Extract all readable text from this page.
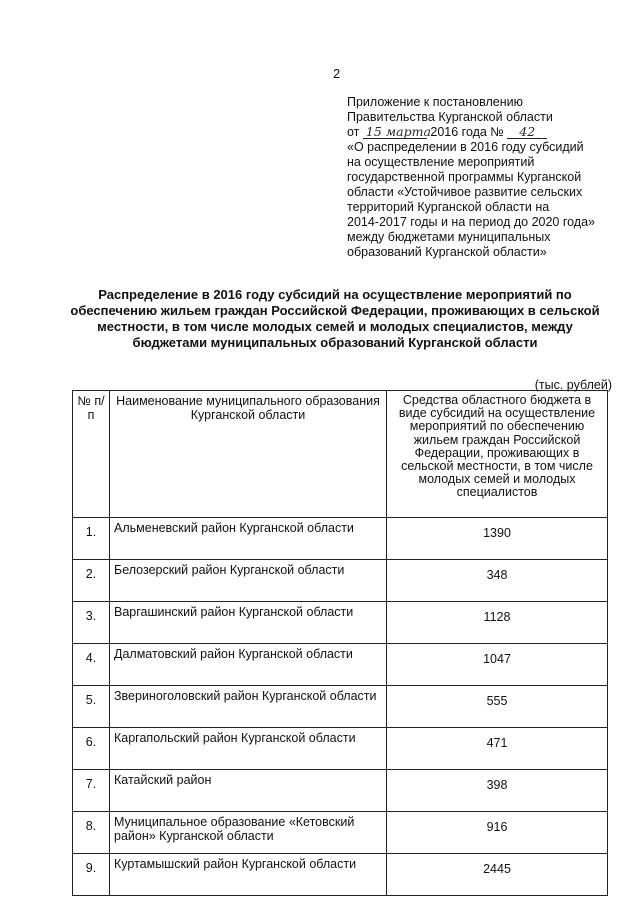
2
Приложение к постановлению
Правительства Курганской области
от 15 марта 2016 года № 42
«О распределении в 2016 году субсидий
на осуществление мероприятий
государственной программы Курганской
области «Устойчивое развитие сельских
территорий Курганской области на
2014-2017 годы и на период до 2020 года»
между бюджетами муниципальных
образований Курганской области»
Распределение в 2016 году субсидий на осуществление мероприятий по
обеспечению жильем граждан Российской Федерации, проживающих в сельской
местности, в том числе молодых семей и молодых специалистов, между
бюджетами муниципальных образований Курганской области
(тыс. рублей)
№ п/п	Наименование муниципального образования Курганской области	Средства областного бюджета в виде субсидий на осуществление мероприятий по обеспечению жильем граждан Российской Федерации, проживающих в сельской местности, в том числе молодых семей и молодых специалистов
1.	Альменевский район Курганской области	1390
2.	Белозерский район Курганской области	348
3.	Варгашинский район Курганской области	1128
4.	Далматовский район Курганской области	1047
5.	Звериноголовский район Курганской области	555
6.	Каргапольский район Курганской области	471
7.	Катайский район	398
8.	Муниципальное образование «Кетовский район» Курганской области	916
9.	Куртамышский район Курганской области	2445
